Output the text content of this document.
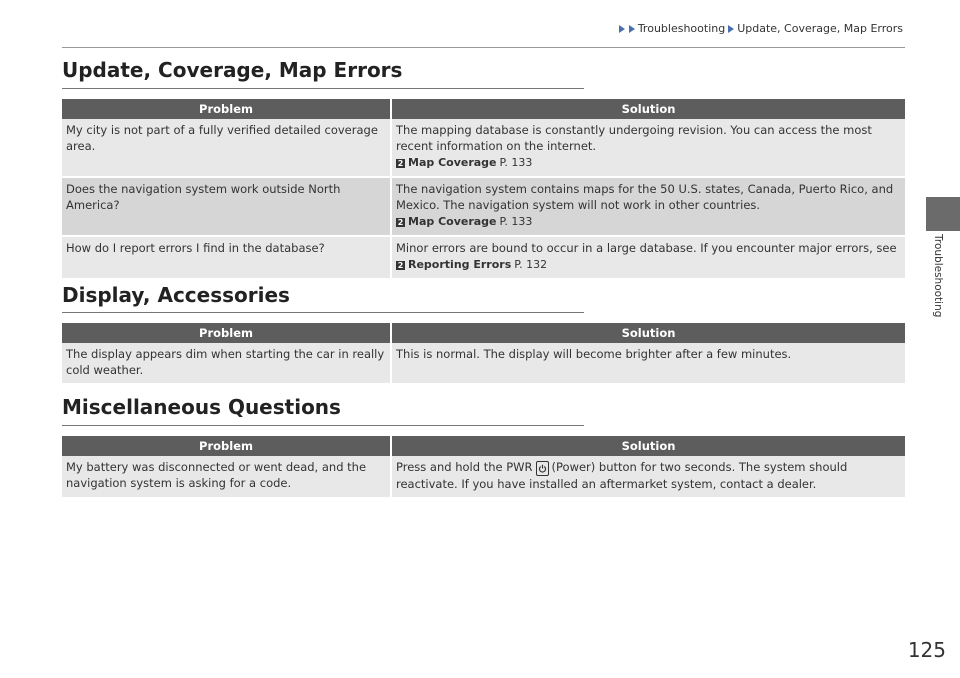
Troubleshooting Update, Coverage, Map Errors
Troubleshooting
Update, Coverage, Map Errors
Problem	Solution
My city is not part of a fully verified detailed coverage area.	The mapping database is constantly undergoing revision. You can access the most recent information on the internet.
2 Map Coverage P. 133

Does the navigation system work outside North America?	The navigation system contains maps for the 50 U.S. states, Canada, Puerto Rico, and Mexico. The navigation system will not work in other countries.
2 Map Coverage P. 133

How do I report errors I find in the database?	Minor errors are bound to occur in a large database. If you encounter major errors, see
2 Reporting Errors P. 132
Display, Accessories
Problem	Solution
The display appears dim when starting the car in really cold weather.	This is normal. The display will become brighter after a few minutes.
Miscellaneous Questions
Problem	Solution
My battery was disconnected or went dead, and the navigation system is asking for a code.	Press and hold the PWR (Power) button for two seconds. The system should reactivate. If you have installed an aftermarket system, contact a dealer.
125
